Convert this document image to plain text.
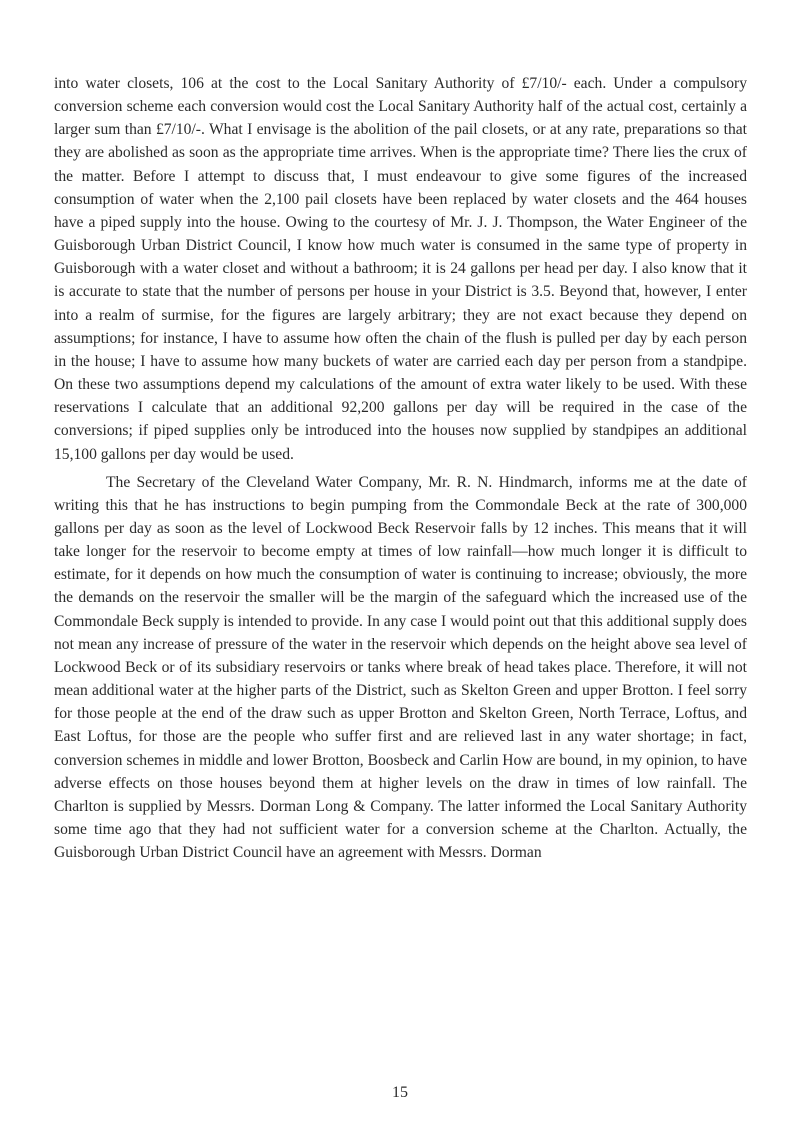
into water closets, 106 at the cost to the Local Sanitary Authority of £7/10/- each. Under a compulsory conversion scheme each conversion would cost the Local Sanitary Authority half of the actual cost, certainly a larger sum than £7/10/-. What I envisage is the abolition of the pail closets, or at any rate, preparations so that they are abolished as soon as the appropriate time arrives. When is the appropriate time? There lies the crux of the matter. Before I attempt to discuss that, I must endeavour to give some figures of the increased consumption of water when the 2,100 pail closets have been replaced by water closets and the 464 houses have a piped supply into the house. Owing to the courtesy of Mr. J. J. Thompson, the Water Engineer of the Guisborough Urban District Council, I know how much water is consumed in the same type of property in Guisborough with a water closet and without a bathroom; it is 24 gallons per head per day. I also know that it is accurate to state that the number of persons per house in your District is 3.5. Beyond that, however, I enter into a realm of surmise, for the figures are largely arbitrary; they are not exact because they depend on assumptions; for instance, I have to assume how often the chain of the flush is pulled per day by each person in the house; I have to assume how many buckets of water are carried each day per person from a standpipe. On these two assumptions depend my calculations of the amount of extra water likely to be used. With these reservations I calculate that an additional 92,200 gallons per day will be required in the case of the conversions; if piped supplies only be introduced into the houses now supplied by standpipes an additional 15,100 gallons per day would be used.

The Secretary of the Cleveland Water Company, Mr. R. N. Hindmarch, informs me at the date of writing this that he has instructions to begin pumping from the Commondale Beck at the rate of 300,000 gallons per day as soon as the level of Lockwood Beck Reservoir falls by 12 inches. This means that it will take longer for the reservoir to become empty at times of low rainfall—how much longer it is difficult to estimate, for it depends on how much the consumption of water is continuing to increase; obviously, the more the demands on the reservoir the smaller will be the margin of the safeguard which the increased use of the Commondale Beck supply is intended to provide. In any case I would point out that this additional supply does not mean any increase of pressure of the water in the reservoir which depends on the height above sea level of Lockwood Beck or of its subsidiary reservoirs or tanks where break of head takes place. Therefore, it will not mean additional water at the higher parts of the District, such as Skelton Green and upper Brotton. I feel sorry for those people at the end of the draw such as upper Brotton and Skelton Green, North Terrace, Loftus, and East Loftus, for those are the people who suffer first and are relieved last in any water shortage; in fact, conversion schemes in middle and lower Brotton, Boosbeck and Carlin How are bound, in my opinion, to have adverse effects on those houses beyond them at higher levels on the draw in times of low rainfall. The Charlton is supplied by Messrs. Dorman Long & Company. The latter informed the Local Sanitary Authority some time ago that they had not sufficient water for a conversion scheme at the Charlton. Actually, the Guisborough Urban District Council have an agreement with Messrs. Dorman

15
